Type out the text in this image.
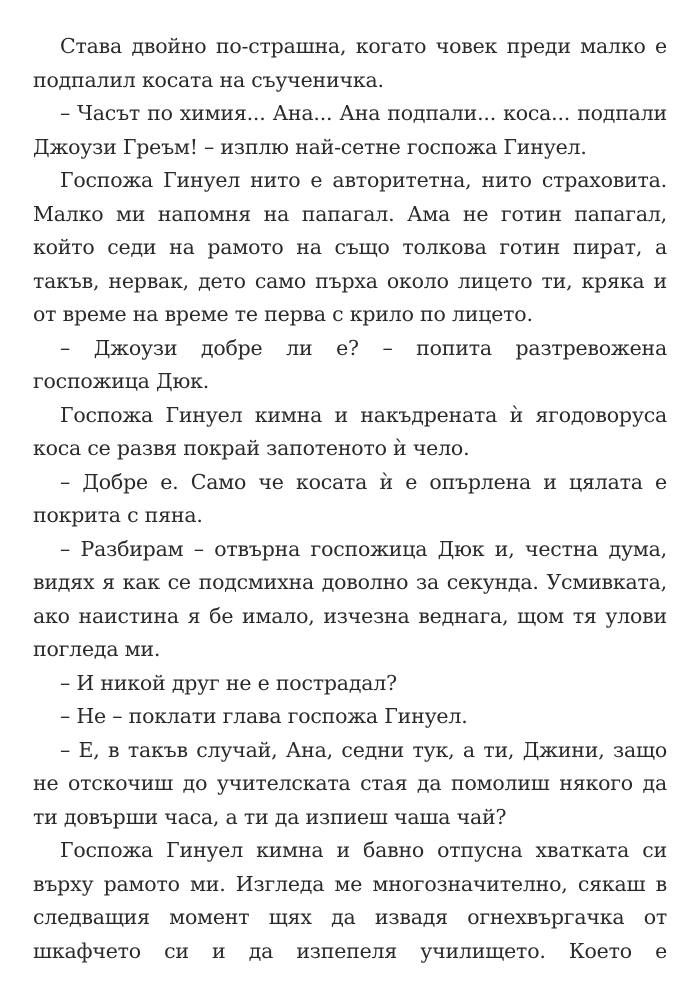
Става двойно по-страшна, когато човек преди малко е подпалил косата на съученичка.

– Часът по химия... Ана... Ана подпали... коса... подпали Джоузи Греъм! – изплю най-сетне госпожа Гинуел.

Госпожа Гинуел нито е авторитетна, нито страховита. Малко ми напомня на папагал. Ама не готин папагал, който седи на рамото на също толкова готин пират, а такъв, нервак, дето само пърха около лицето ти, кряка и от време на време те перва с крило по лицето.

– Джоузи добре ли е? – попита разтревожена госпожица Дюк.

Госпожа Гинуел кимна и накъдрената ѝ ягодоворуса коса се развя покрай запотеното ѝ чело.

– Добре е. Само че косата ѝ е опърлена и цялата е покрита с пяна.

– Разбирам – отвърна госпожица Дюк и, честна дума, видях я как се подсмихна доволно за секунда. Усмивката, ако наистина я бе имало, изчезна веднага, щом тя улови погледа ми.

– И никой друг не е пострадал?

– Не – поклати глава госпожа Гинуел.

– Е, в такъв случай, Ана, седни тук, а ти, Джини, защо не отскочиш до учителската стая да помолиш някого да ти довърши часа, а ти да изпиеш чаша чай?

Госпожа Гинуел кимна и бавно отпусна хватката си върху рамото ми. Изгледа ме многозначително, сякаш в следващия момент щях да извадя огнехвъргачка от шкафчето си и да изпепеля училището. Което е
